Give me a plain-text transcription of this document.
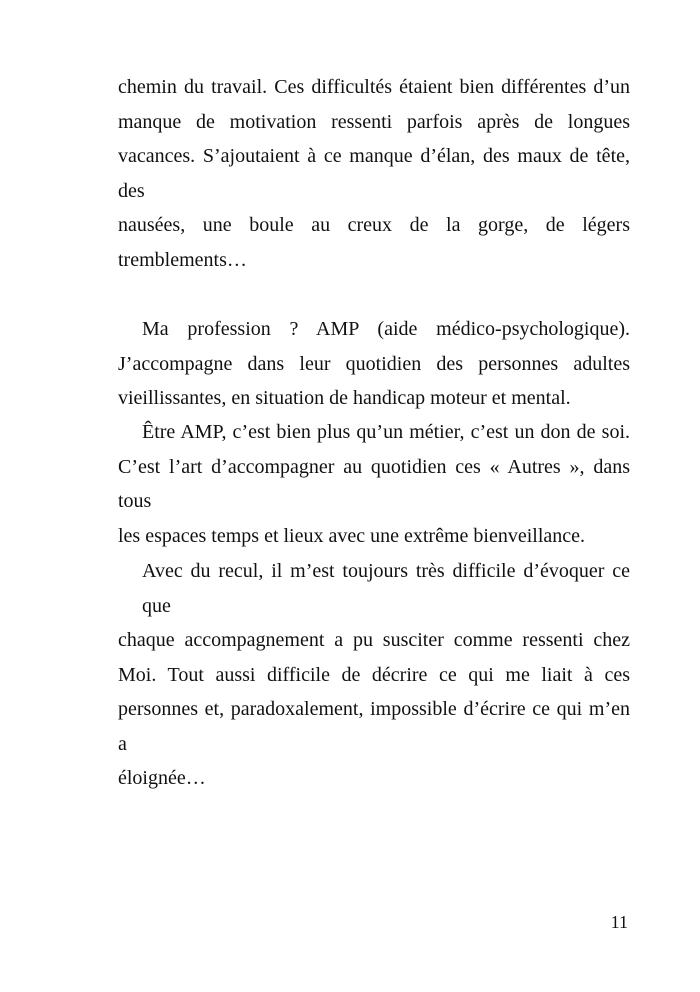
chemin du travail. Ces difficultés étaient bien différentes d’un
manque de motivation ressenti parfois après de longues
vacances. S’ajoutaient à ce manque d’élan, des maux de tête, des
nausées, une boule au creux de la gorge, de légers
tremblements…

Ma profession ? AMP (aide médico-psychologique).
J’accompagne dans leur quotidien des personnes adultes
vieillissantes, en situation de handicap moteur et mental.

Être AMP, c’est bien plus qu’un métier, c’est un don de soi.
C’est l’art d’accompagner au quotidien ces « Autres », dans tous
les espaces temps et lieux avec une extrême bienveillance.

Avec du recul, il m’est toujours très difficile d’évoquer ce que
chaque accompagnement a pu susciter comme ressenti chez
Moi. Tout aussi difficile de décrire ce qui me liait à ces
personnes et, paradoxalement, impossible d’écrire ce qui m’en a
éloignée…

11
